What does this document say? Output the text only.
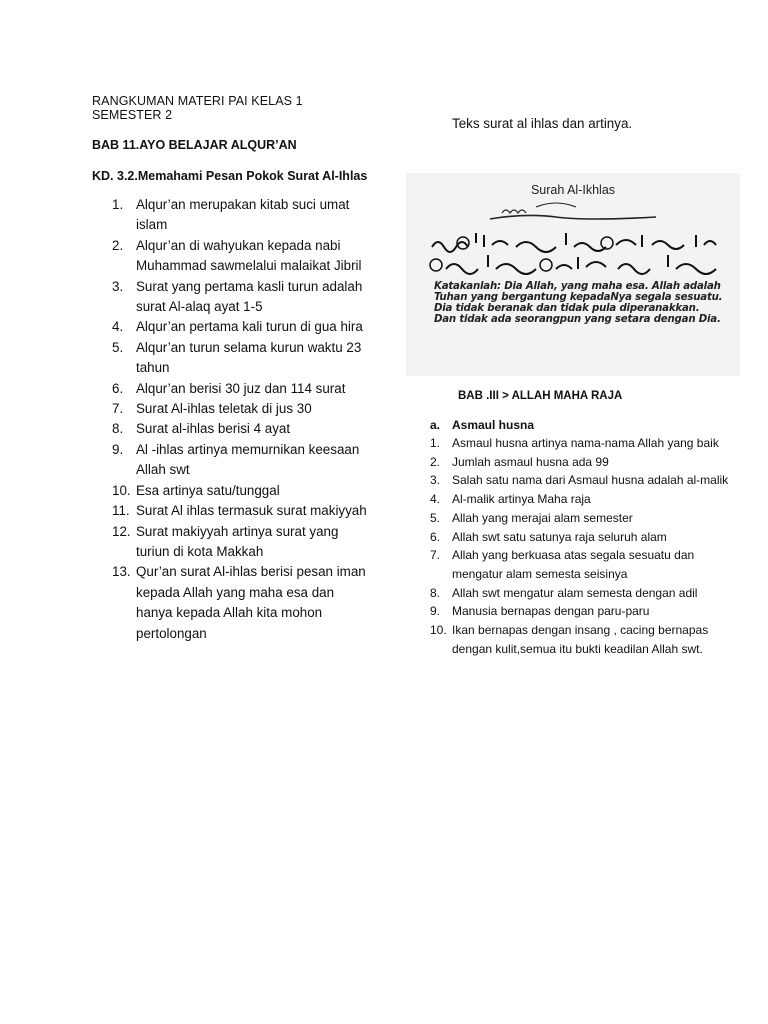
RANGKUMAN MATERI PAI KELAS 1 SEMESTER 2

BAB 11.AYO BELAJAR ALQUR’AN

KD. 3.2.Memahami Pesan Pokok Surat Al-Ihlas

1. Alqur’an merupakan kitab suci umat islam
2. Alqur’an di wahyukan kepada nabi Muhammad sawmelalui malaikat Jibril
3. Surat yang pertama kasli turun adalah surat Al-alaq ayat 1-5
4. Alqur’an pertama kali turun di gua hira
5. Alqur’an turun selama kurun waktu 23 tahun
6. Alqur’an berisi 30 juz dan 114 surat
7. Surat Al-ihlas teletak di jus 30
8. Surat al-ihlas berisi 4 ayat
9. Al -ihlas artinya memurnikan keesaan Allah swt
10. Esa artinya satu/tunggal
11. Surat Al ihlas termasuk surat makiyyah
12. Surat makiyyah artinya surat yang turiun di kota Makkah
13. Qur’an surat Al-ihlas berisi pesan iman kepada Allah yang maha esa dan hanya kepada Allah kita mohon pertolongan
Teks surat al ihlas dan artinya.
Surah Al-Ikhlas
Katakanlah: Dia Allah, yang maha esa. Allah adalah Tuhan yang bergantung kepadaNya segala sesuatu. Dia tidak beranak dan tidak pula diperanakkan. Dan tidak ada seorangpun yang setara dengan Dia.
BAB .III > ALLAH MAHA RAJA
a. Asmaul husna
1. Asmaul husna artinya nama-nama Allah yang baik
2. Jumlah asmaul husna ada 99
3. Salah satu nama dari Asmaul husna adalah al-malik
4. Al-malik artinya Maha raja
5. Allah yang merajai alam semester
6. Allah swt satu satunya raja seluruh alam
7. Allah yang berkuasa atas segala sesuatu dan mengatur alam semesta seisinya
8. Allah swt mengatur alam semesta dengan adil
9. Manusia bernapas dengan paru-paru
10. Ikan bernapas dengan insang , cacing bernapas dengan kulit,semua itu bukti keadilan Allah swt.
